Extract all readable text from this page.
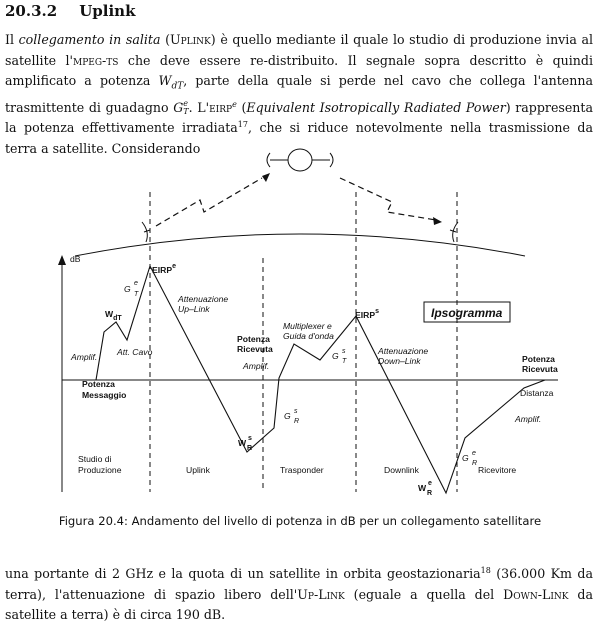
20.3.2 Uplink

Il collegamento in salita (Uplink) è quello mediante il quale lo studio di produzione invia al satellite l'mpeg-ts che deve essere re-distribuito. Il segnale sopra descritto è quindi amplificato a potenza $W_{dT}$, parte della quale si perde nel cavo che collega l'antenna trasmittente di guadagno G e
T . L'eirp$^e$ (Equivalent Isotropically Radiated Power) rappresenta la potenza effettivamente irradiata$^{17}$, che si riduce notevolmente nella trasmissione da terra a satellite. Considerando

dB
Distanza
Potenza Messaggio
Amplif. Att. Cavo
$W_{dT}$
Ge T
EIRP$^e$
Attenuazione Up–Link
W s R
G s R
Potenza Ricevuta
Amplif.
Multiplexer e Guida d'onda
G s T
EIRP$^s$	Ipsogramma
Attenuazione Down–Link	Potenza Ricevuta
Amplif.
G e R
W e R
Studio di Produzione	Uplink	Trasponder	Downlink	Ricevitore

Figura 20.4: Andamento del livello di potenza in dB per un collegamento satellitare

una portante di 2 GHz e la quota di un satellite in orbita geostazionaria$^{18}$ (36.000 Km da terra), l'attenuazione di spazio libero dell'Up-Link (eguale a quella del Down-Link da satellite a terra) è di circa 190 dB.
